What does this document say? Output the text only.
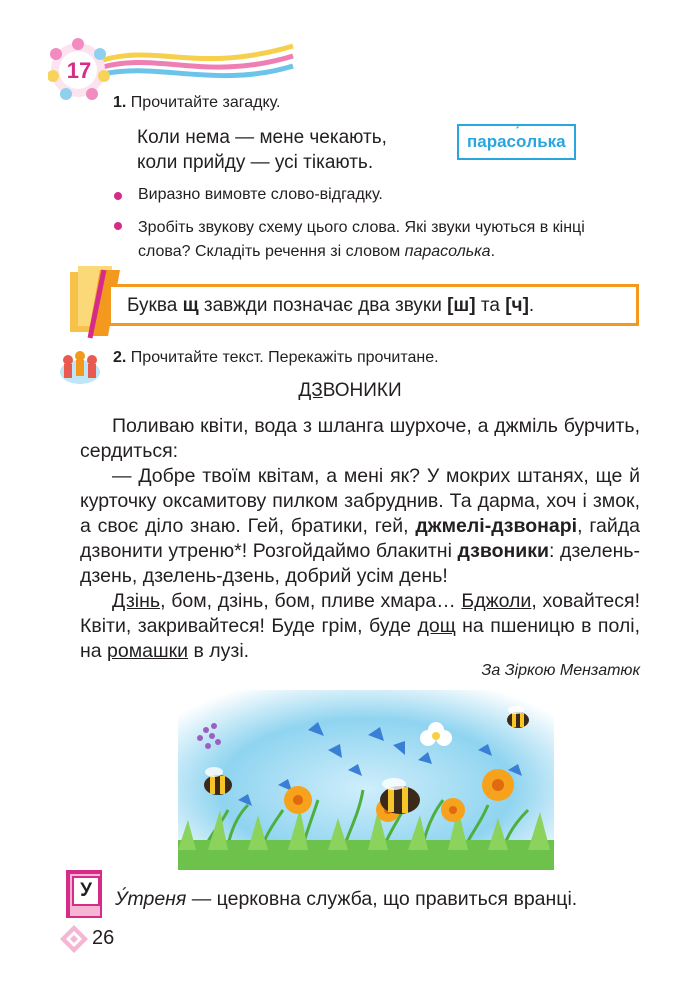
17
1. Прочитайте загадку.
Коли нема — мене чекають,
коли прийду — усі тікають.
парасо
лька
Виразно вимовте слово-відгадку.
Зробіть звукову схему цього слова. Які звуки чуються в кінці
слова? Складіть речення зі словом парасолька.
Буква щ завжди позначає два звуки [ш] та [ч].
2. Прочитайте текст. Перекажіть прочитане.
ДЗВОНИКИ

Поливаю квіти, вода з шланга шурхоче, а джміль бурчить, сердиться:

— Добре твоїм квітам, а мені як? У мокрих штанях, ще й курточку оксамитову пилком забруднив. Та дарма, хоч і змок, а своє діло знаю. Гей, братики, гей, джмелі-дзвонарі, гайда дзвонити утреню*! Розгойдаймо блакитні дзвоники: дзелень-дзень, дзелень-дзень, добрий усім день!

Дзінь, бом, дзінь, бом, пливе хмара… Бджоли, ховайтеся! Квіти, закривайтеся! Буде грім, буде дощ на пшеницю в полі, на ромашки в лузі.

За Зіркою Мензатюк
У	У́треня — церковна служба, що правиться вранці.
26
